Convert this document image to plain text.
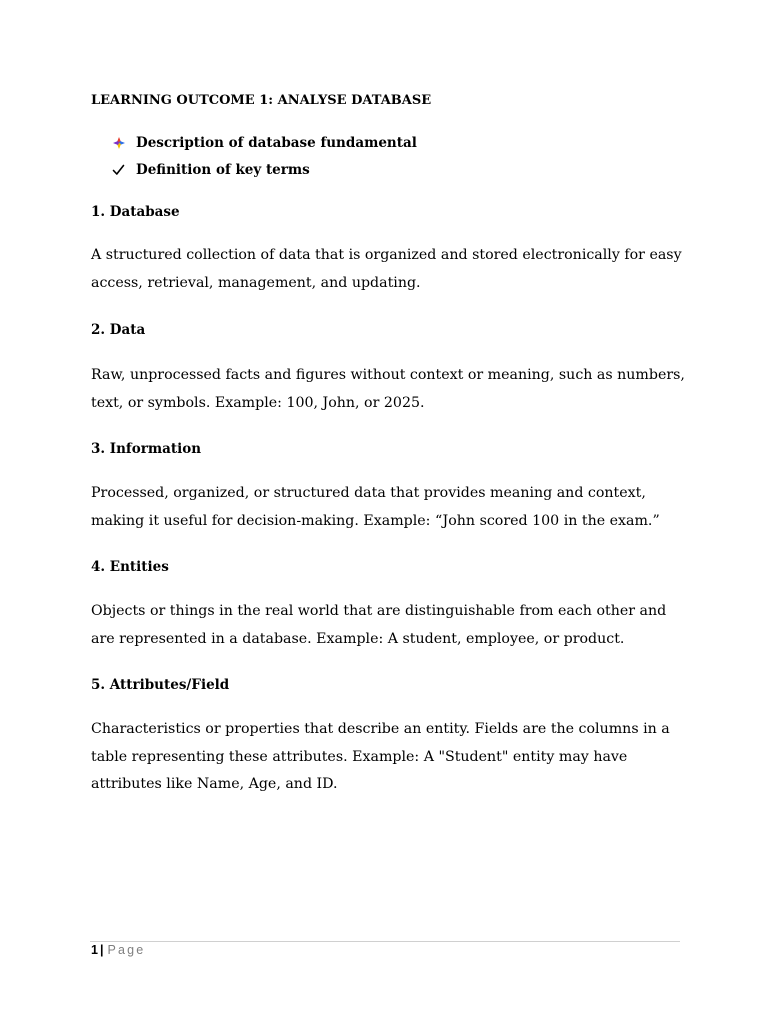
LEARNING OUTCOME 1: ANALYSE DATABASE
Description of database fundamental
Definition of key terms

1. Database

A structured collection of data that is organized and stored electronically for easy access, retrieval, management, and updating.

2. Data

Raw, unprocessed facts and figures without context or meaning, such as numbers, text, or symbols. Example: 100, John, or 2025.

3. Information

Processed, organized, or structured data that provides meaning and context, making it useful for decision-making. Example: “John scored 100 in the exam.”

4. Entities

Objects or things in the real world that are distinguishable from each other and are represented in a database. Example: A student, employee, or product.

5. Attributes/Field

Characteristics or properties that describe an entity. Fields are the columns in a table representing these attributes. Example: A "Student" entity may have attributes like Name, Age, and ID.

1 | Page
